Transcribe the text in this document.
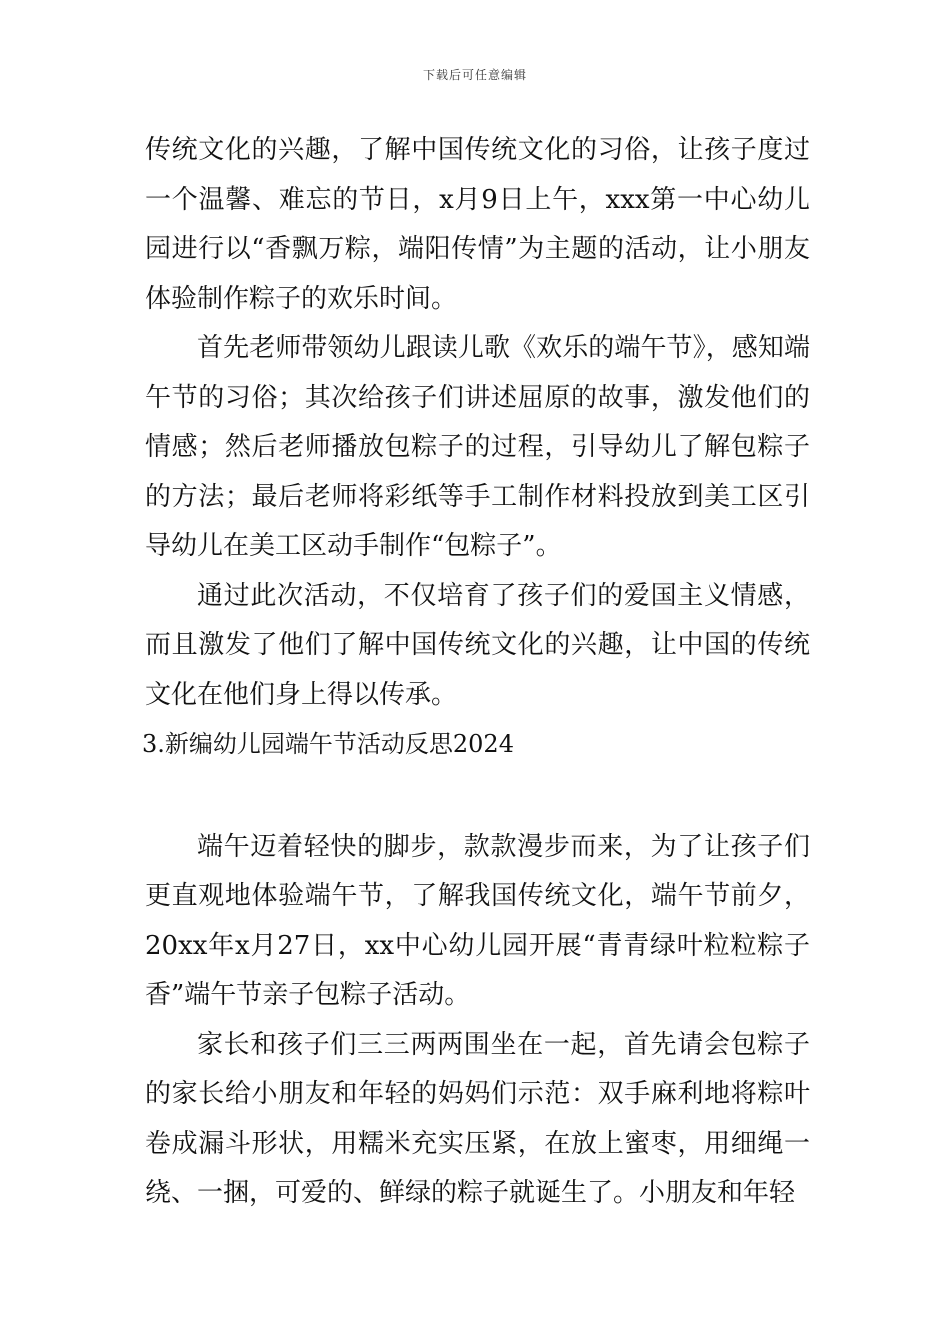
下载后可任意编辑

传统文化的兴趣，了解中国传统文化的习俗，让孩子度过一个温馨、难忘的节日，x月9日上午，xxx第一中心幼儿园进行以“香飘万粽，端阳传情”为主题的活动，让小朋友体验制作粽子的欢乐时间。

首先老师带领幼儿跟读儿歌《欢乐的端午节》，感知端午节的习俗；其次给孩子们讲述屈原的故事，激发他们的情感；然后老师播放包粽子的过程，引导幼儿了解包粽子的方法；最后老师将彩纸等手工制作材料投放到美工区引导幼儿在美工区动手制作“包粽子”。

通过此次活动，不仅培育了孩子们的爱国主义情感，而且激发了他们了解中国传统文化的兴趣，让中国的传统文化在他们身上得以传承。

3.新编幼儿园端午节活动反思2024

端午迈着轻快的脚步，款款漫步而来，为了让孩子们更直观地体验端午节，了解我国传统文化，端午节前夕，20xx年x月27日，xx中心幼儿园开展“青青绿叶粒粒粽子香”端午节亲子包粽子活动。

家长和孩子们三三两两围坐在一起，首先请会包粽子的家长给小朋友和年轻的妈妈们示范：双手麻利地将粽叶卷成漏斗形状，用糯米充实压紧，在放上蜜枣，用细绳一绕、一捆，可爱的、鲜绿的粽子就诞生了。小朋友和年轻
